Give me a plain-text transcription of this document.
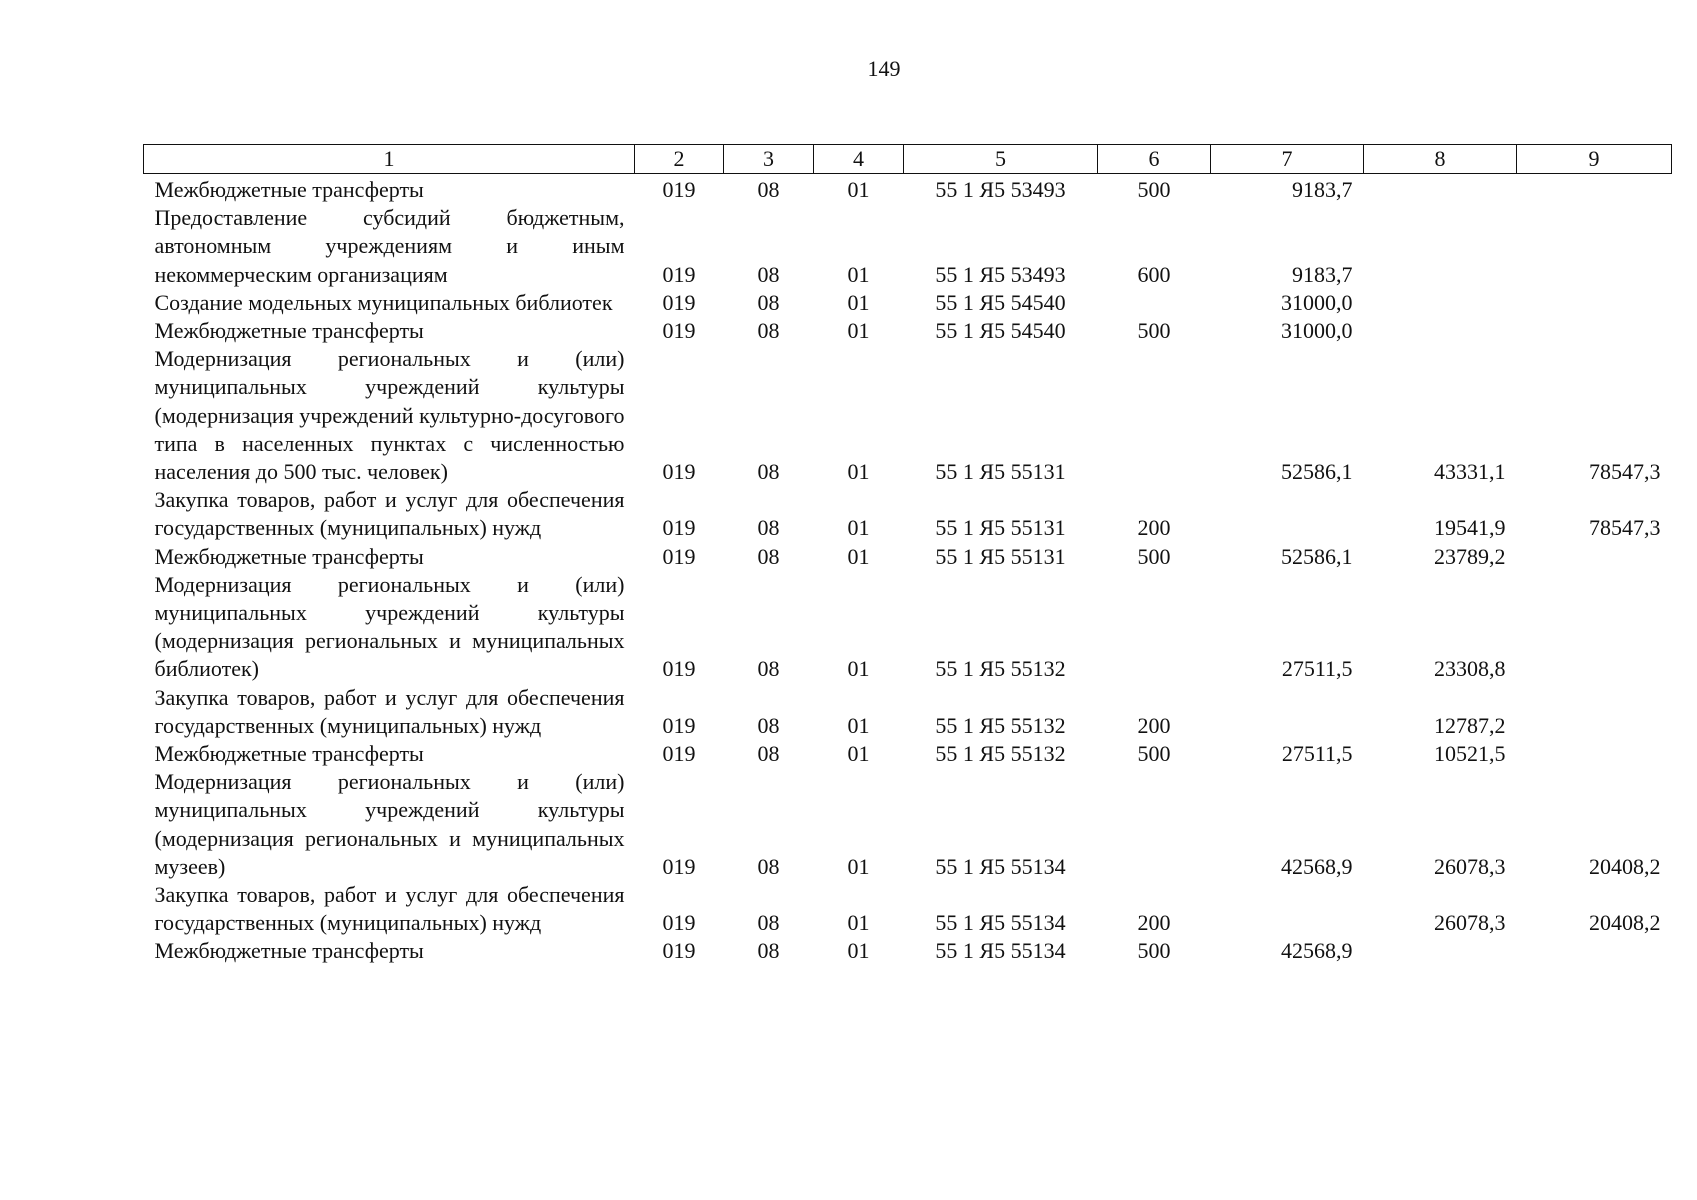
149
1	2	3	4	5	6	7	8	9
Межбюджетные трансферты	019	08	01	55 1 Я5 53493	500	9183,7		
Предоставление субсидий бюджетным, автономным учреждениям и иным некоммерческим организациям	019	08	01	55 1 Я5 53493	600	9183,7		
Создание модельных муниципальных библиотек	019	08	01	55 1 Я5 54540		31000,0		
Межбюджетные трансферты	019	08	01	55 1 Я5 54540	500	31000,0		
Модернизация региональных и (или) муниципальных учреждений культуры (модернизация учреждений культурно-досугового типа в населенных пунктах с численностью населения до 500 тыс. человек)	019	08	01	55 1 Я5 55131		52586,1	43331,1	78547,3
Закупка товаров, работ и услуг для обеспечения государственных (муниципальных) нужд	019	08	01	55 1 Я5 55131	200		19541,9	78547,3
Межбюджетные трансферты	019	08	01	55 1 Я5 55131	500	52586,1	23789,2	
Модернизация региональных и (или) муниципальных учреждений культуры (модернизация региональных и муниципальных библиотек)	019	08	01	55 1 Я5 55132		27511,5	23308,8	
Закупка товаров, работ и услуг для обеспечения государственных (муниципальных) нужд	019	08	01	55 1 Я5 55132	200		12787,2	
Межбюджетные трансферты	019	08	01	55 1 Я5 55132	500	27511,5	10521,5	
Модернизация региональных и (или) муниципальных учреждений культуры (модернизация региональных и муниципальных музеев)	019	08	01	55 1 Я5 55134		42568,9	26078,3	20408,2
Закупка товаров, работ и услуг для обеспечения государственных (муниципальных) нужд	019	08	01	55 1 Я5 55134	200		26078,3	20408,2
Межбюджетные трансферты	019	08	01	55 1 Я5 55134	500	42568,9		
